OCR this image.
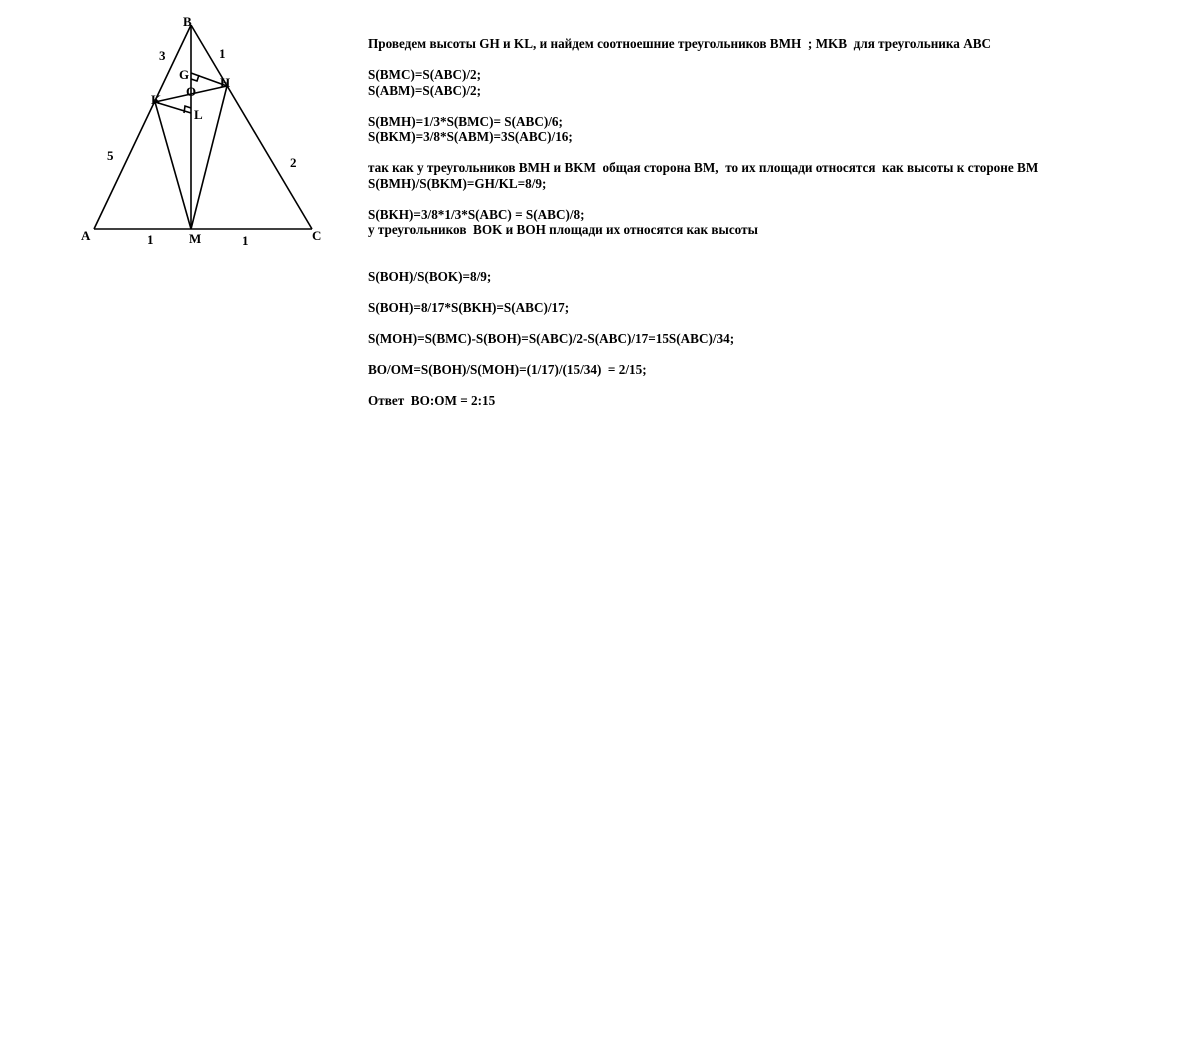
B
G
H
O
K
L
A	M	C
3	1
5	2
1	1
Проведем высоты GH и KL, и найдем соотноешние треугольников BMH  ; MKB  для треугольника ABC
S(BMC)=S(ABC)/2;
S(ABM)=S(ABC)/2;
S(BMH)=1/3*S(BMC)= S(ABC)/6;
S(BKM)=3/8*S(ABM)=3S(ABC)/16;
так как у треугольников BMH и BKM  общая сторона BM,  то их площади относятся  как высоты к стороне BM
S(BMH)/S(BKM)=GH/KL=8/9;
S(BKH)=3/8*1/3*S(ABC) = S(ABC)/8;
у треугольников  BOK и BOH площади их относятся как высоты
S(BOH)/S(BOK)=8/9;
S(BOH)=8/17*S(BKH)=S(ABC)/17;
S(MOH)=S(BMC)-S(BOH)=S(ABC)/2-S(ABC)/17=15S(ABC)/34;
BO/OM=S(BOH)/S(MOH)=(1/17)/(15/34)  = 2/15;
Ответ  BO:OM = 2:15
